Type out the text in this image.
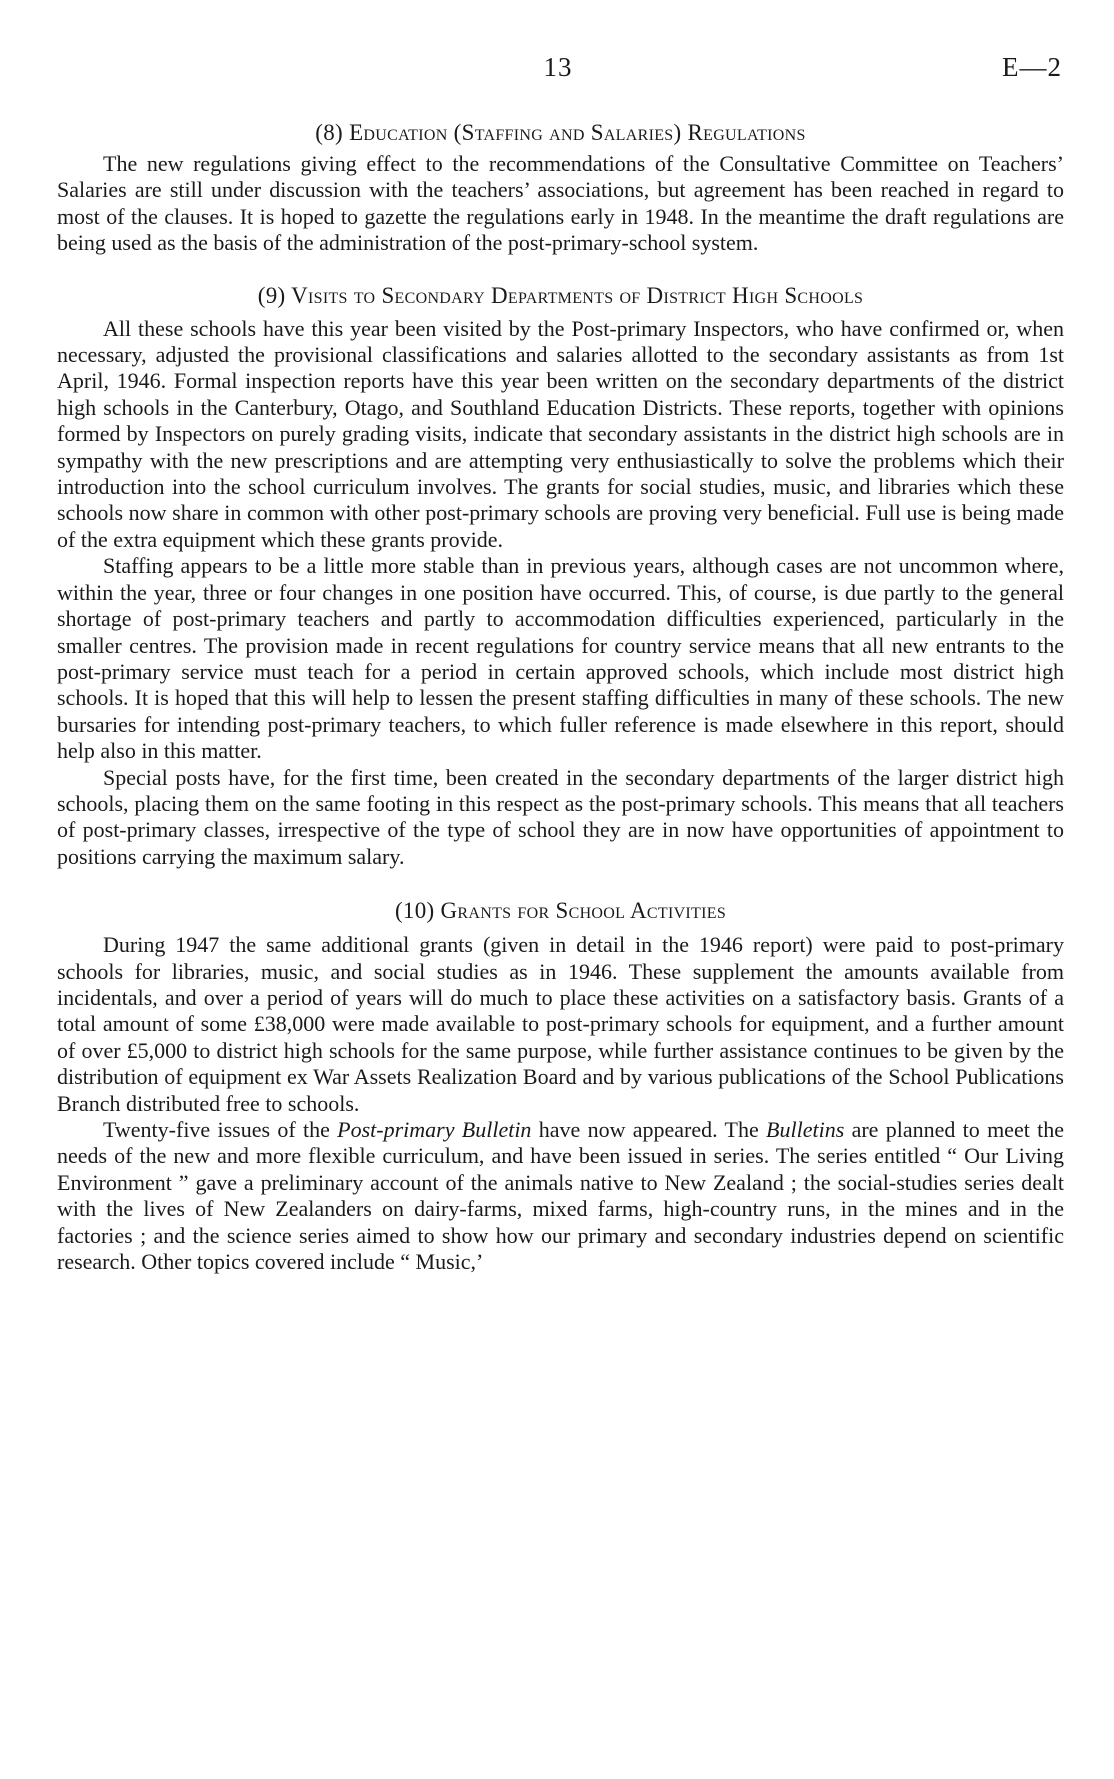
13	E—2
(8) Education (Staffing and Salaries) Regulations

The new regulations giving effect to the recommendations of the Consultative Committee on Teachers’ Salaries are still under discussion with the teachers’ associations, but agreement has been reached in regard to most of the clauses. It is hoped to gazette the regulations early in 1948. In the meantime the draft regulations are being used as the basis of the administration of the post-primary-school system.

(9) Visits to Secondary Departments of District High Schools

All these schools have this year been visited by the Post-primary Inspectors, who have confirmed or, when necessary, adjusted the provisional classifications and salaries allotted to the secondary assistants as from 1st April, 1946. Formal inspection reports have this year been written on the secondary departments of the district high schools in the Canterbury, Otago, and Southland Education Districts. These reports, together with opinions formed by Inspectors on purely grading visits, indicate that secondary assistants in the district high schools are in sympathy with the new prescriptions and are attempting very enthusiastically to solve the problems which their introduction into the school curriculum involves. The grants for social studies, music, and libraries which these schools now share in common with other post-primary schools are proving very beneficial. Full use is being made of the extra equipment which these grants provide.

Staffing appears to be a little more stable than in previous years, although cases are not uncommon where, within the year, three or four changes in one position have occurred. This, of course, is due partly to the general shortage of post-primary teachers and partly to accommodation difficulties experienced, particularly in the smaller centres. The provision made in recent regulations for country service means that all new entrants to the post-primary service must teach for a period in certain approved schools, which include most district high schools. It is hoped that this will help to lessen the present staffing difficulties in many of these schools. The new bursaries for intending post-primary teachers, to which fuller reference is made elsewhere in this report, should help also in this matter.

Special posts have, for the first time, been created in the secondary departments of the larger district high schools, placing them on the same footing in this respect as the post-primary schools. This means that all teachers of post-primary classes, irrespective of the type of school they are in now have opportunities of appointment to positions carrying the maximum salary.

(10) Grants for School Activities

During 1947 the same additional grants (given in detail in the 1946 report) were paid to post-primary schools for libraries, music, and social studies as in 1946. These supplement the amounts available from incidentals, and over a period of years will do much to place these activities on a satisfactory basis. Grants of a total amount of some £38,000 were made available to post-primary schools for equipment, and a further amount of over £5,000 to district high schools for the same purpose, while further assistance continues to be given by the distribution of equipment ex War Assets Realization Board and by various publications of the School Publications Branch distributed free to schools.

Twenty-five issues of the Post-primary Bulletin have now appeared. The Bulletins are planned to meet the needs of the new and more flexible curriculum, and have been issued in series. The series entitled “ Our Living Environment ” gave a preliminary account of the animals native to New Zealand ; the social-studies series dealt with the lives of New Zealanders on dairy-farms, mixed farms, high-country runs, in the mines and in the factories ; and the science series aimed to show how our primary and secondary industries depend on scientific research. Other topics covered include “ Music,’
